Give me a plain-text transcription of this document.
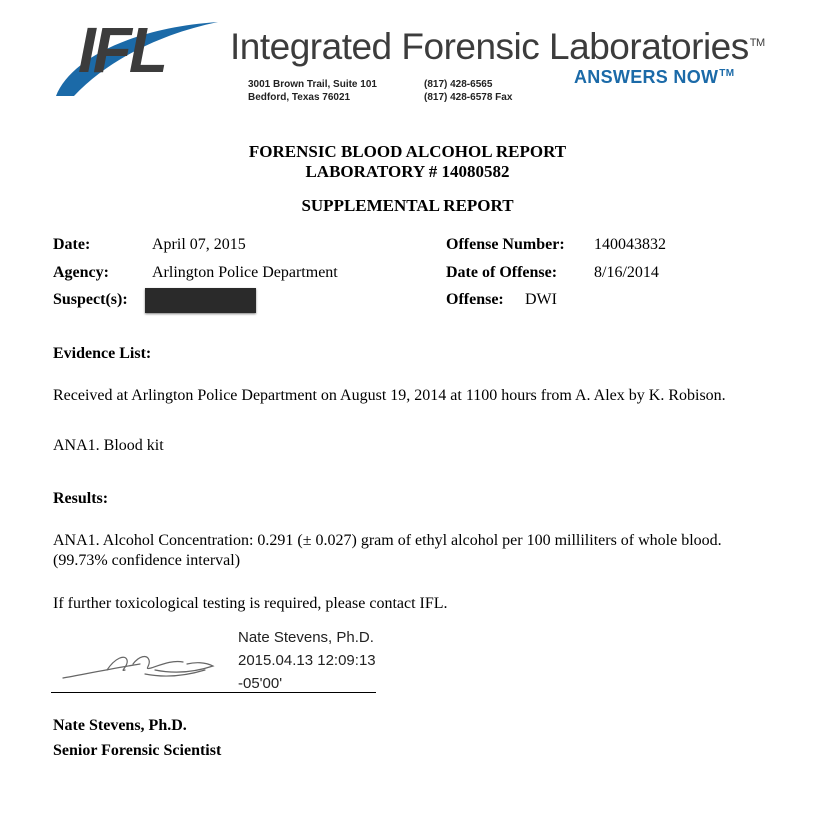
IFL Integrated Forensic Laboratories™
3001 Brown Trail, Suite 101
Bedford, Texas 76021
(817) 428-6565
(817) 428-6578 Fax
ANSWERS NOW™
FORENSIC BLOOD ALCOHOL REPORT
LABORATORY # 14080582
SUPPLEMENTAL REPORT
Date:	April 07, 2015
Agency:	Arlington Police Department
Suspect(s):
Offense Number: 140043832
Date of Offense: 8/16/2014
Offense: DWI
Evidence List:
Received at Arlington Police Department on August 19, 2014 at 1100 hours from A. Alex by K. Robison.
ANA1. Blood kit
Results:
ANA1. Alcohol Concentration: 0.291 (± 0.027) gram of ethyl alcohol per 100 milliliters of whole blood. (99.73% confidence interval)
If further toxicological testing is required, please contact IFL.
Nate Stevens, Ph.D.
2015.04.13 12:09:13
-05'00'
Nate Stevens, Ph.D.
Senior Forensic Scientist
